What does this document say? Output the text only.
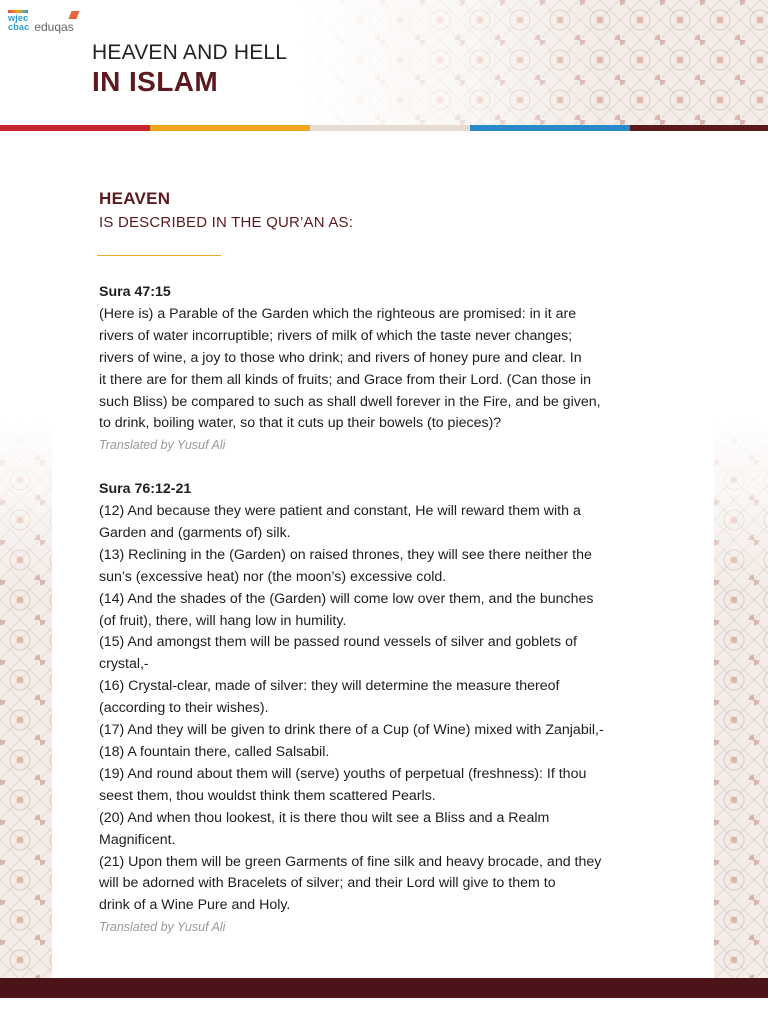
wjec
cbac eduqas
HEAVEN AND HELL
IN ISLAM
HEAVEN
IS DESCRIBED IN THE QUR’AN AS:
Sura 47:15
(Here is) a Parable of the Garden which the righteous are promised: in it are
rivers of water incorruptible; rivers of milk of which the taste never changes;
rivers of wine, a joy to those who drink; and rivers of honey pure and clear. In
it there are for them all kinds of fruits; and Grace from their Lord. (Can those in
such Bliss) be compared to such as shall dwell forever in the Fire, and be given,
to drink, boiling water, so that it cuts up their bowels (to pieces)?
Translated by Yusuf Ali
Sura 76:12-21
(12) And because they were patient and constant, He will reward them with a
Garden and (garments of) silk.
(13) Reclining in the (Garden) on raised thrones, they will see there neither the
sun’s (excessive heat) nor (the moon’s) excessive cold.
(14) And the shades of the (Garden) will come low over them, and the bunches
(of fruit), there, will hang low in humility.
(15) And amongst them will be passed round vessels of silver and goblets of
crystal,-
(16) Crystal-clear, made of silver: they will determine the measure thereof
(according to their wishes).
(17) And they will be given to drink there of a Cup (of Wine) mixed with Zanjabil,-
(18) A fountain there, called Salsabil.
(19) And round about them will (serve) youths of perpetual (freshness): If thou
seest them, thou wouldst think them scattered Pearls.
(20) And when thou lookest, it is there thou wilt see a Bliss and a Realm
Magnificent.
(21) Upon them will be green Garments of fine silk and heavy brocade, and they
will be adorned with Bracelets of silver; and their Lord will give to them to
drink of a Wine Pure and Holy.
Translated by Yusuf Ali
